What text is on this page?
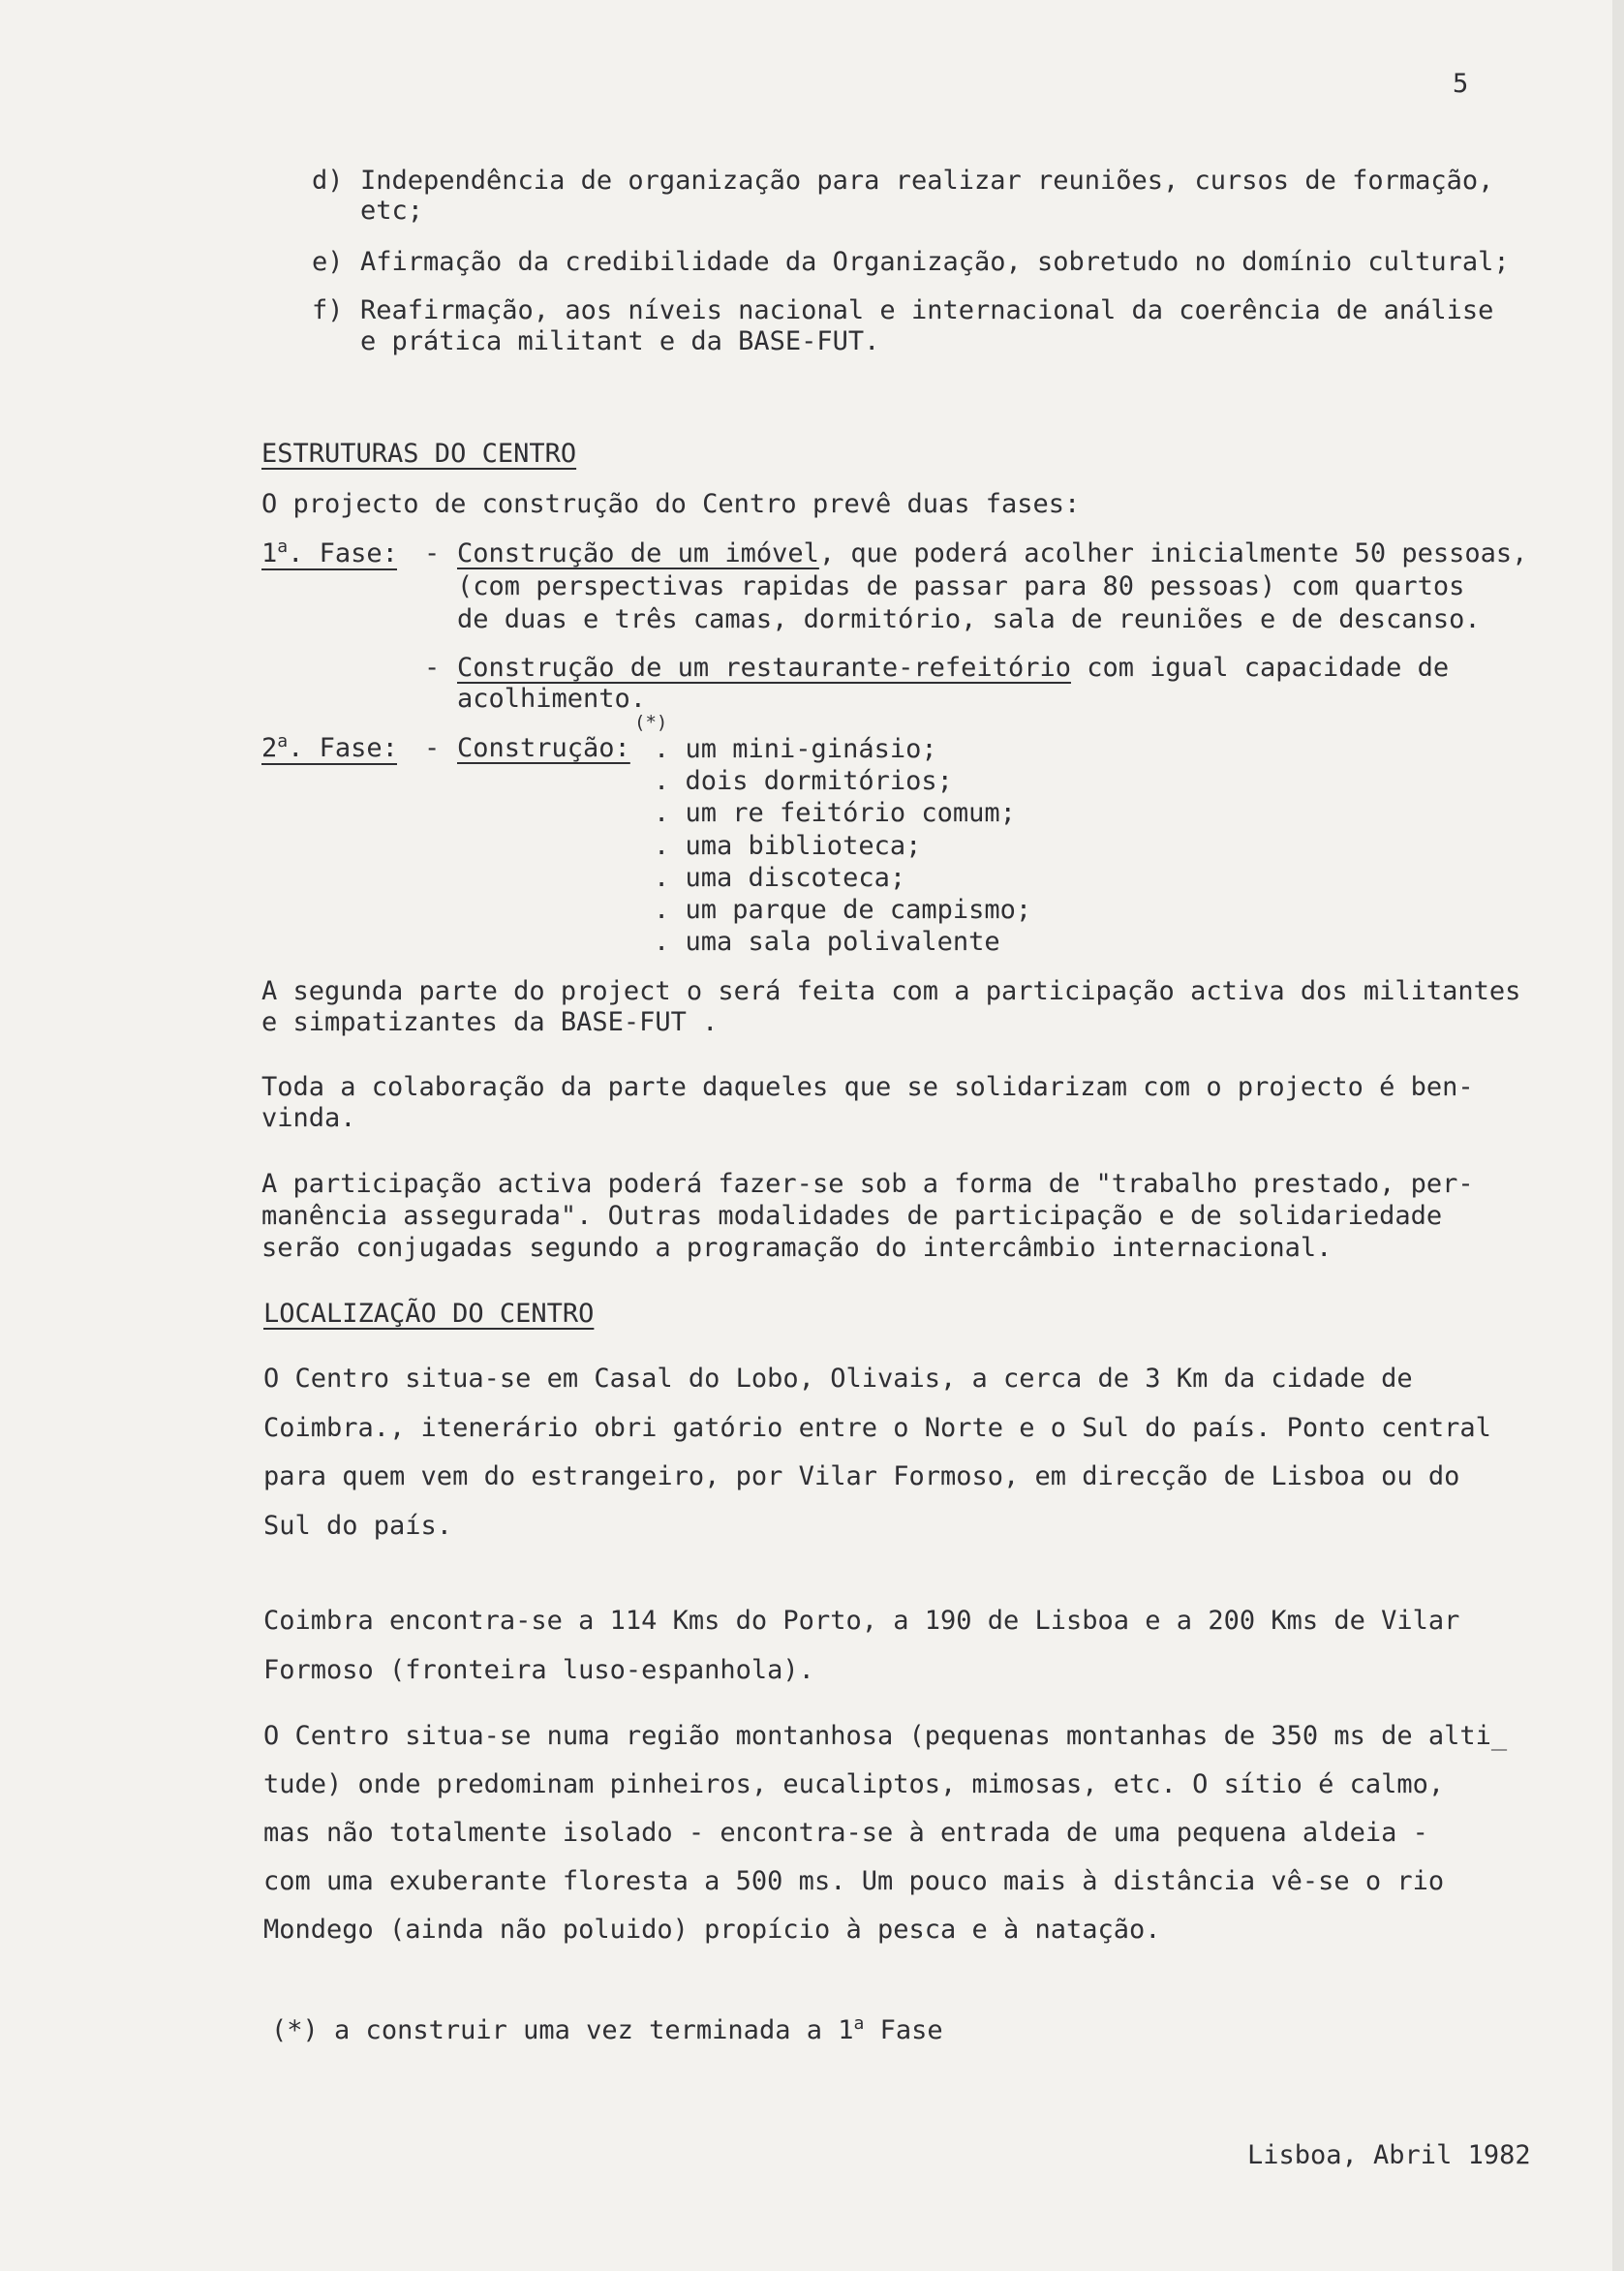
5
d) Independência de organização para realizar reuniões, cursos de formação,
etc;
e) Afirmação da credibilidade da Organização, sobretudo no domínio cultural;
f) Reafirmação, aos níveis nacional e internacional da coerência de análise
e prática militant e da BASE-FUT.
ESTRUTURAS DO CENTRO
O projecto de construção do Centro prevê duas fases:
1$^a$. Fase: - Construção de um imóvel, que poderá acolher inicialmente 50 pessoas,
(com perspectivas rapidas de passar para 80 pessoas) com quartos
de duas e três camas, dormitório, sala de reuniões e de descanso.
- Construção de um restaurante-refeitório com igual capacidade de
acolhimento.
2$^a$. Fase: - Construção:
(*)
. um mini-ginásio;
. dois dormitórios;
. um re feitório comum;
. uma biblioteca;
. uma discoteca;
. um parque de campismo;
. uma sala polivalente
A segunda parte do project o será feita com a participação activa dos militantes
e simpatizantes da BASE-FUT .
Toda a colaboração da parte daqueles que se solidarizam com o projecto é ben-
vinda.
A participação activa poderá fazer-se sob a forma de "trabalho prestado, per-
manência assegurada". Outras modalidades de participação e de solidariedade
serão conjugadas segundo a programação do intercâmbio internacional.
LOCALIZAÇÃO DO CENTRO
O Centro situa-se em Casal do Lobo, Olivais, a cerca de 3 Km da cidade de
Coimbra., itenerário obri gatório entre o Norte e o Sul do país. Ponto central
para quem vem do estrangeiro, por Vilar Formoso, em direcção de Lisboa ou do
Sul do país.
Coimbra encontra-se a 114 Kms do Porto, a 190 de Lisboa e a 200 Kms de Vilar
Formoso (fronteira luso-espanhola).
O Centro situa-se numa região montanhosa (pequenas montanhas de 350 ms de alti_
tude) onde predominam pinheiros, eucaliptos, mimosas, etc. O sítio é calmo,
mas não totalmente isolado - encontra-se à entrada de uma pequena aldeia -
com uma exuberante floresta a 500 ms. Um pouco mais à distância vê-se o rio
Mondego (ainda não poluido) propício à pesca e à natação.
(*) a construir uma vez terminada a 1$^a$ Fase
Lisboa, Abril 1982
